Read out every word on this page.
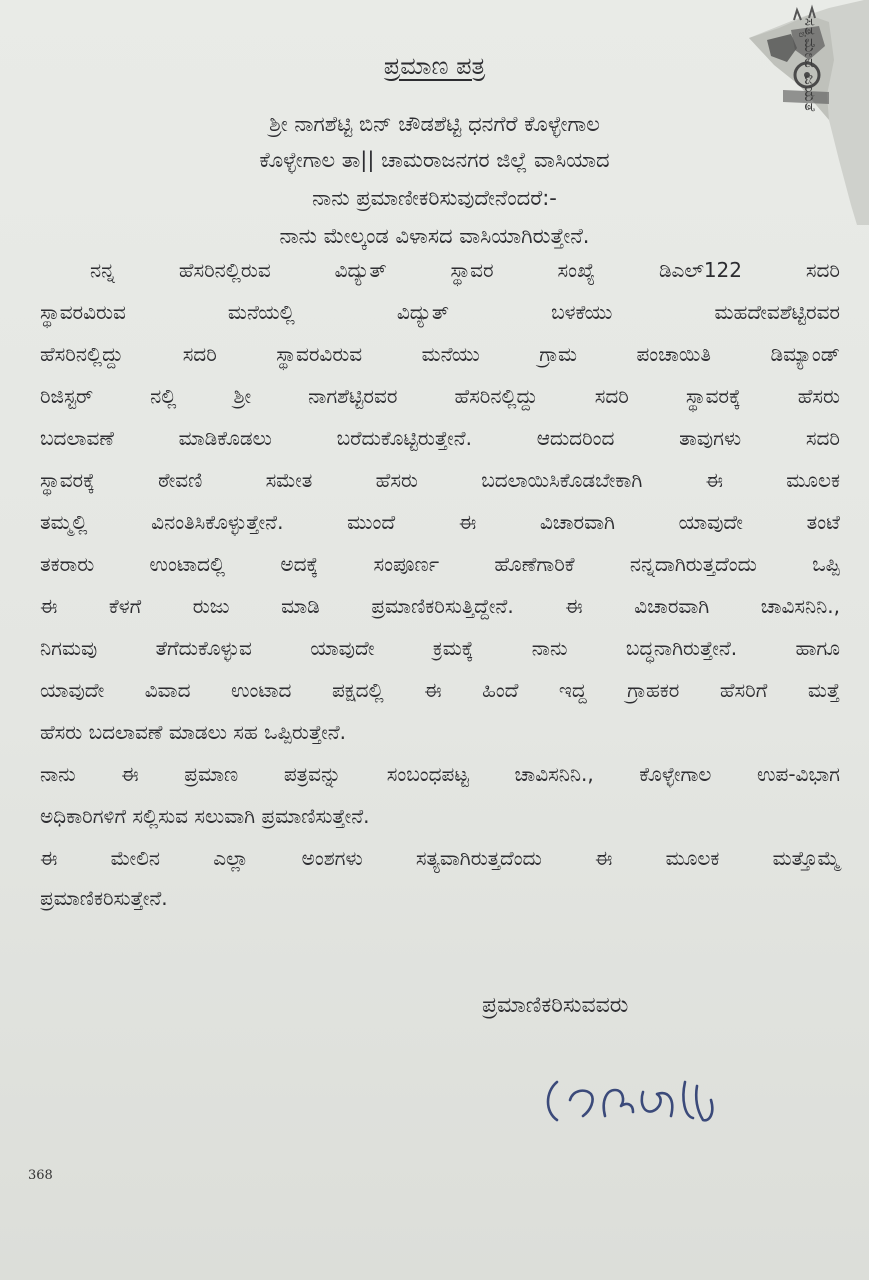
ಸತ್ಯಮೇವ ಜಯತೆ
ಪ್ರಮಾಣ ಪತ್ರ
ಶ್ರೀ ನಾಗಶೆಟ್ಟಿ ಬಿನ್ ಚೌಡಶೆಟ್ಟಿ ಧನಗೆರೆ ಕೊಳ್ಳೇಗಾಲ
ಕೊಳ್ಳೇಗಾಲ ತಾ|| ಚಾಮರಾಜನಗರ ಜಿಲ್ಲೆ ವಾಸಿಯಾದ
ನಾನು ಪ್ರಮಾಣೀಕರಿಸುವುದೇನೆಂದರೆ:-
ನಾನು ಮೇಲ್ಕಂಡ ವಿಳಾಸದ ವಾಸಿಯಾಗಿರುತ್ತೇನೆ.
ನನ್ನ ಹೆಸರಿನಲ್ಲಿರುವ ವಿದ್ಯುತ್ ಸ್ಥಾವರ ಸಂಖ್ಯೆ ಡಿಎಲ್122 ಸದರಿ
ಸ್ಥಾವರವಿರುವ ಮನೆಯಲ್ಲಿ ವಿದ್ಯುತ್ ಬಳಕೆಯು ಮಹದೇವಶೆಟ್ಟಿರವರ
ಹೆಸರಿನಲ್ಲಿದ್ದು ಸದರಿ ಸ್ಥಾವರವಿರುವ ಮನೆಯು ಗ್ರಾಮ ಪಂಚಾಯಿತಿ ಡಿಮ್ಯಾಂಡ್
ರಿಜಿಸ್ಟರ್ ನಲ್ಲಿ ಶ್ರೀ ನಾಗಶೆಟ್ಟಿರವರ ಹೆಸರಿನಲ್ಲಿದ್ದು ಸದರಿ ಸ್ಥಾವರಕ್ಕೆ ಹೆಸರು
ಬದಲಾವಣೆ ಮಾಡಿಕೊಡಲು ಬರೆದುಕೊಟ್ಟಿರುತ್ತೇನೆ. ಆದುದರಿಂದ ತಾವುಗಳು ಸದರಿ
ಸ್ಥಾವರಕ್ಕೆ ಠೇವಣಿ ಸಮೇತ ಹೆಸರು ಬದಲಾಯಿಸಿಕೊಡಬೇಕಾಗಿ ಈ ಮೂಲಕ
ತಮ್ಮಲ್ಲಿ ವಿನಂತಿಸಿಕೊಳ್ಳುತ್ತೇನೆ. ಮುಂದೆ ಈ ವಿಚಾರವಾಗಿ ಯಾವುದೇ ತಂಟೆ
ತಕರಾರು ಉಂಟಾದಲ್ಲಿ ಅದಕ್ಕೆ ಸಂಪೂರ್ಣ ಹೊಣೆಗಾರಿಕೆ ನನ್ನದಾಗಿರುತ್ತದೆಂದು ಒಪ್ಪಿ
ಈ ಕೆಳಗೆ ರುಜು ಮಾಡಿ ಪ್ರಮಾಣಿಕರಿಸುತ್ತಿದ್ದೇನೆ. ಈ ವಿಚಾರವಾಗಿ ಚಾವಿಸನಿನಿ.,
ನಿಗಮವು ತೆಗೆದುಕೊಳ್ಳುವ ಯಾವುದೇ ಕ್ರಮಕ್ಕೆ ನಾನು ಬದ್ಧನಾಗಿರುತ್ತೇನೆ. ಹಾಗೂ
ಯಾವುದೇ ವಿವಾದ ಉಂಟಾದ ಪಕ್ಷದಲ್ಲಿ ಈ ಹಿಂದೆ ಇದ್ದ ಗ್ರಾಹಕರ ಹೆಸರಿಗೆ ಮತ್ತೆ
ಹೆಸರು ಬದಲಾವಣೆ ಮಾಡಲು ಸಹ ಒಪ್ಪಿರುತ್ತೇನೆ.
ನಾನು ಈ ಪ್ರಮಾಣ ಪತ್ರವನ್ನು ಸಂಬಂಧಪಟ್ಟ ಚಾವಿಸನಿನಿ., ಕೊಳ್ಳೇಗಾಲ ಉಪ-ವಿಭಾಗ
ಅಧಿಕಾರಿಗಳಿಗೆ ಸಲ್ಲಿಸುವ ಸಲುವಾಗಿ ಪ್ರಮಾಣಿಸುತ್ತೇನೆ.
ಈ ಮೇಲಿನ ಎಲ್ಲಾ ಅಂಶಗಳು ಸತ್ಯವಾಗಿರುತ್ತದೆಂದು ಈ ಮೂಲಕ ಮತ್ತೊಮ್ಮೆ
ಪ್ರಮಾಣಿಕರಿಸುತ್ತೇನೆ.
ಪ್ರಮಾಣಿಕರಿಸುವವರು
368
